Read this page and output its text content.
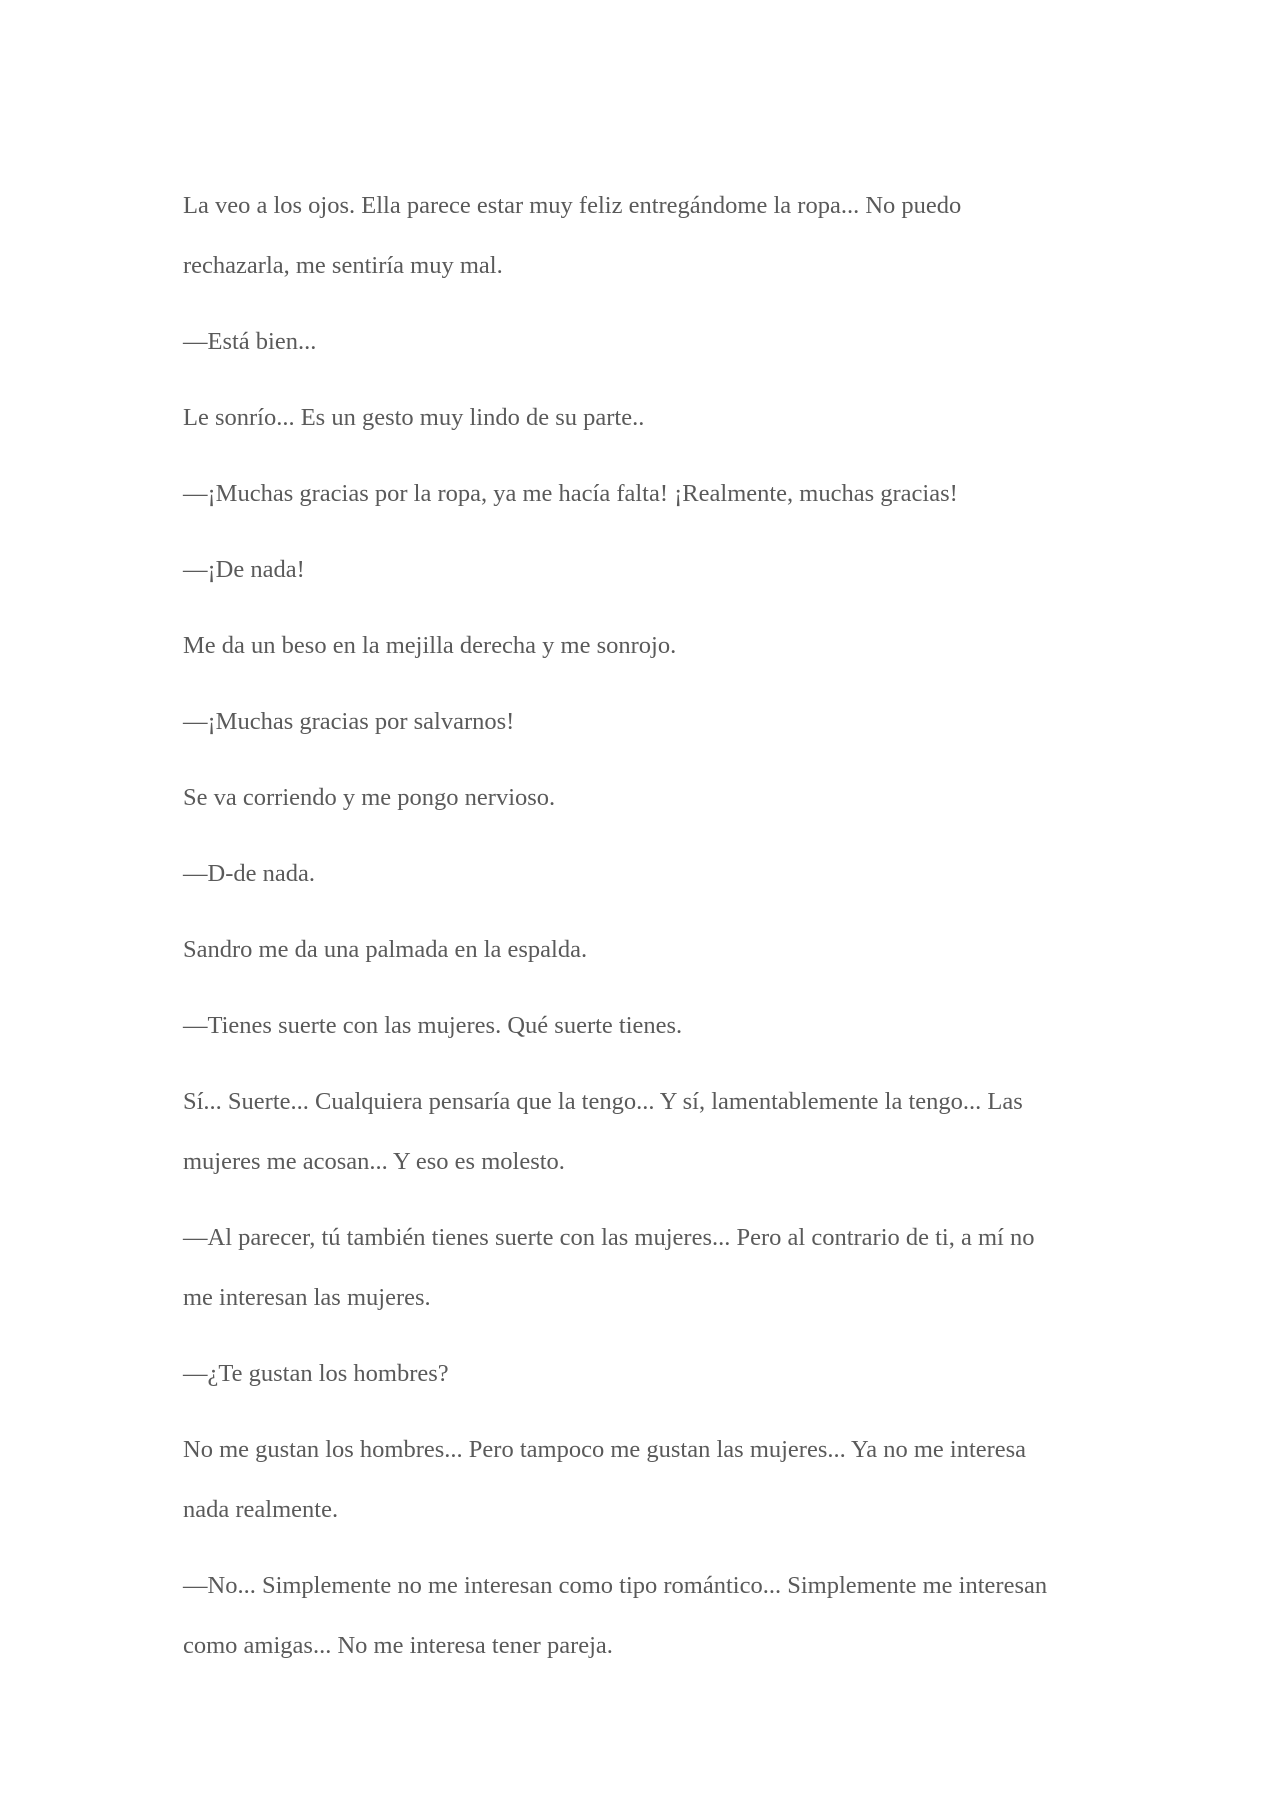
La veo a los ojos. Ella parece estar muy feliz entregándome la ropa... No puedo
rechazarla, me sentiría muy mal.

—Está bien...

Le sonrío... Es un gesto muy lindo de su parte..

—¡Muchas gracias por la ropa, ya me hacía falta! ¡Realmente, muchas gracias!

—¡De nada!

Me da un beso en la mejilla derecha y me sonrojo.

—¡Muchas gracias por salvarnos!

Se va corriendo y me pongo nervioso.

—D-de nada.

Sandro me da una palmada en la espalda.

—Tienes suerte con las mujeres. Qué suerte tienes.

Sí... Suerte... Cualquiera pensaría que la tengo... Y sí, lamentablemente la tengo... Las
mujeres me acosan... Y eso es molesto.

—Al parecer, tú también tienes suerte con las mujeres... Pero al contrario de ti, a mí no
me interesan las mujeres.

—¿Te gustan los hombres?

No me gustan los hombres... Pero tampoco me gustan las mujeres... Ya no me interesa
nada realmente.

—No... Simplemente no me interesan como tipo romántico... Simplemente me interesan
como amigas... No me interesa tener pareja.
